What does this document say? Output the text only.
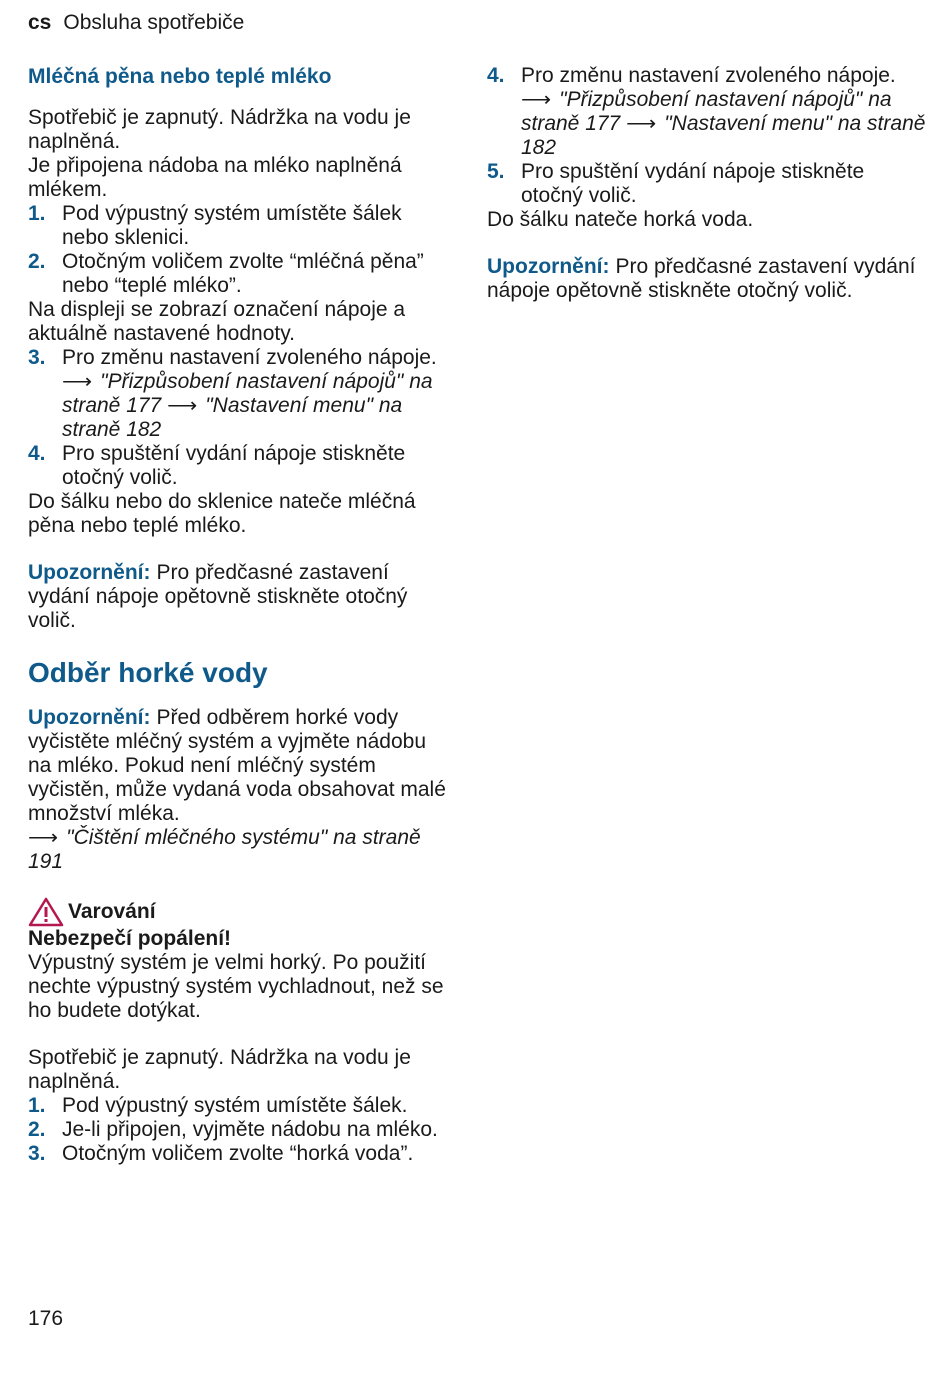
cs Obsluha spotřebiče
Mléčná pěna nebo teplé mléko

Spotřebič je zapnutý. Nádržka na vodu je naplněná.

Je připojena nádoba na mléko naplněná mlékem.

1. Pod výpustný systém umístěte šálek nebo sklenici.
2. Otočným voličem zvolte “mléčná pěna” nebo “teplé mléko”.

Na displeji se zobrazí označení nápoje a aktuálně nastavené hodnoty.

3. Pro změnu nastavení zvoleného nápoje.
⟶ "Přizpůsobení nastavení nápojů" na straně 177 ⟶ "Nastavení menu" na straně 182
4. Pro spuštění vydání nápoje stiskněte otočný volič.

Do šálku nebo do sklenice nateče mléčná pěna nebo teplé mléko.

Upozornění: Pro předčasné zastavení vydání nápoje opětovně stiskněte otočný volič.

Odběr horké vody

Upozornění: Před odběrem horké vody vyčistěte mléčný systém a vyjměte nádobu na mléko. Pokud není mléčný systém vyčistěn, může vydaná voda obsahovat malé množství mléka.

⟶ "Čištění mléčného systému" na straně 191

Varování

Nebezpečí popálení!

Výpustný systém je velmi horký. Po použití nechte výpustný systém vychladnout, než se ho budete dotýkat.

Spotřebič je zapnutý. Nádržka na vodu je naplněná.

1. Pod výpustný systém umístěte šálek.
2. Je-li připojen, vyjměte nádobu na mléko.
3. Otočným voličem zvolte “horká voda”.
4. Pro změnu nastavení zvoleného nápoje.
⟶ "Přizpůsobení nastavení nápojů" na straně 177 ⟶ "Nastavení menu" na straně 182
5. Pro spuštění vydání nápoje stiskněte otočný volič.

Do šálku nateče horká voda.

Upozornění: Pro předčasné zastavení vydání nápoje opětovně stiskněte otočný volič.

176
